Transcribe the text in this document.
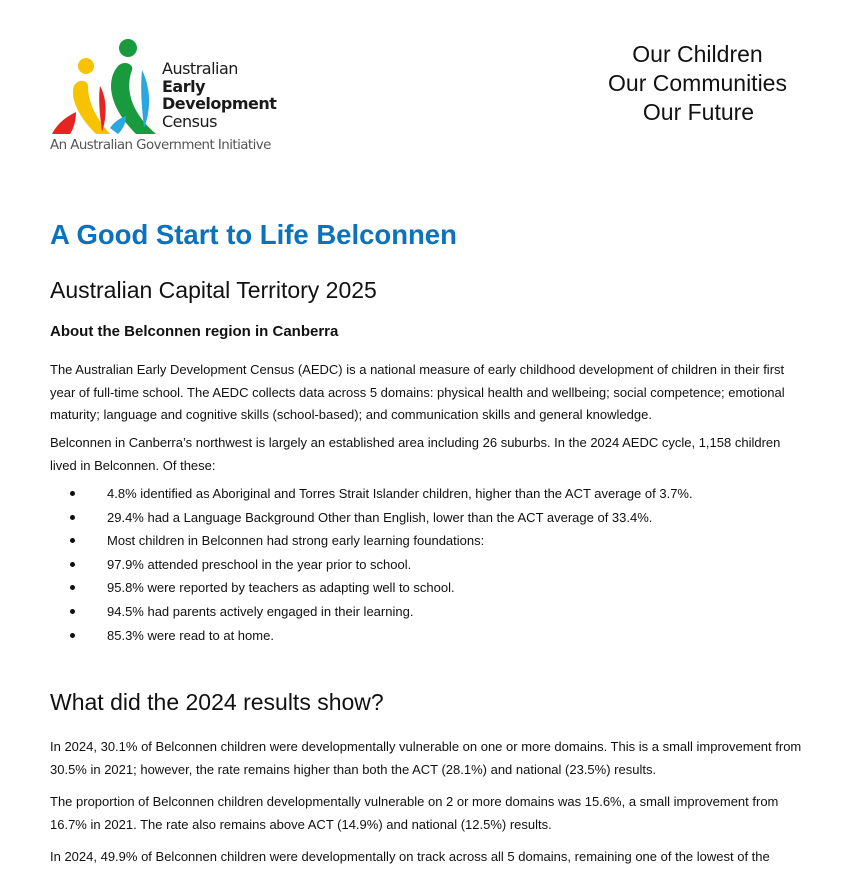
Australian
Early
Development
Census
An Australian Government Initiative
Our Children
Our Communities
Our Future
A Good Start to Life Belconnen
Australian Capital Territory 2025
About the Belconnen region in Canberra

The Australian Early Development Census (AEDC) is a national measure of early childhood development of children in their first year of full-time school. The AEDC collects data across 5 domains: physical health and wellbeing; social competence; emotional maturity; language and cognitive skills (school-based); and communication skills and general knowledge.

Belconnen in Canberra’s northwest is largely an established area including 26 suburbs. In the 2024 AEDC cycle, 1,158 children lived in Belconnen. Of these:

4.8% identified as Aboriginal and Torres Strait Islander children, higher than the ACT average of 3.7%.
29.4% had a Language Background Other than English, lower than the ACT average of 33.4%.
Most children in Belconnen had strong early learning foundations:
97.9% attended preschool in the year prior to school.
95.8% were reported by teachers as adapting well to school.
94.5% had parents actively engaged in their learning.
85.3% were read to at home.
What did the 2024 results show?

In 2024, 30.1% of Belconnen children were developmentally vulnerable on one or more domains. This is a small improvement from 30.5% in 2021; however, the rate remains higher than both the ACT (28.1%) and national (23.5%) results.

The proportion of Belconnen children developmentally vulnerable on 2 or more domains was 15.6%, a small improvement from 16.7% in 2021. The rate also remains above ACT (14.9%) and national (12.5%) results.

In 2024, 49.9% of Belconnen children were developmentally on track across all 5 domains, remaining one of the lowest of the
